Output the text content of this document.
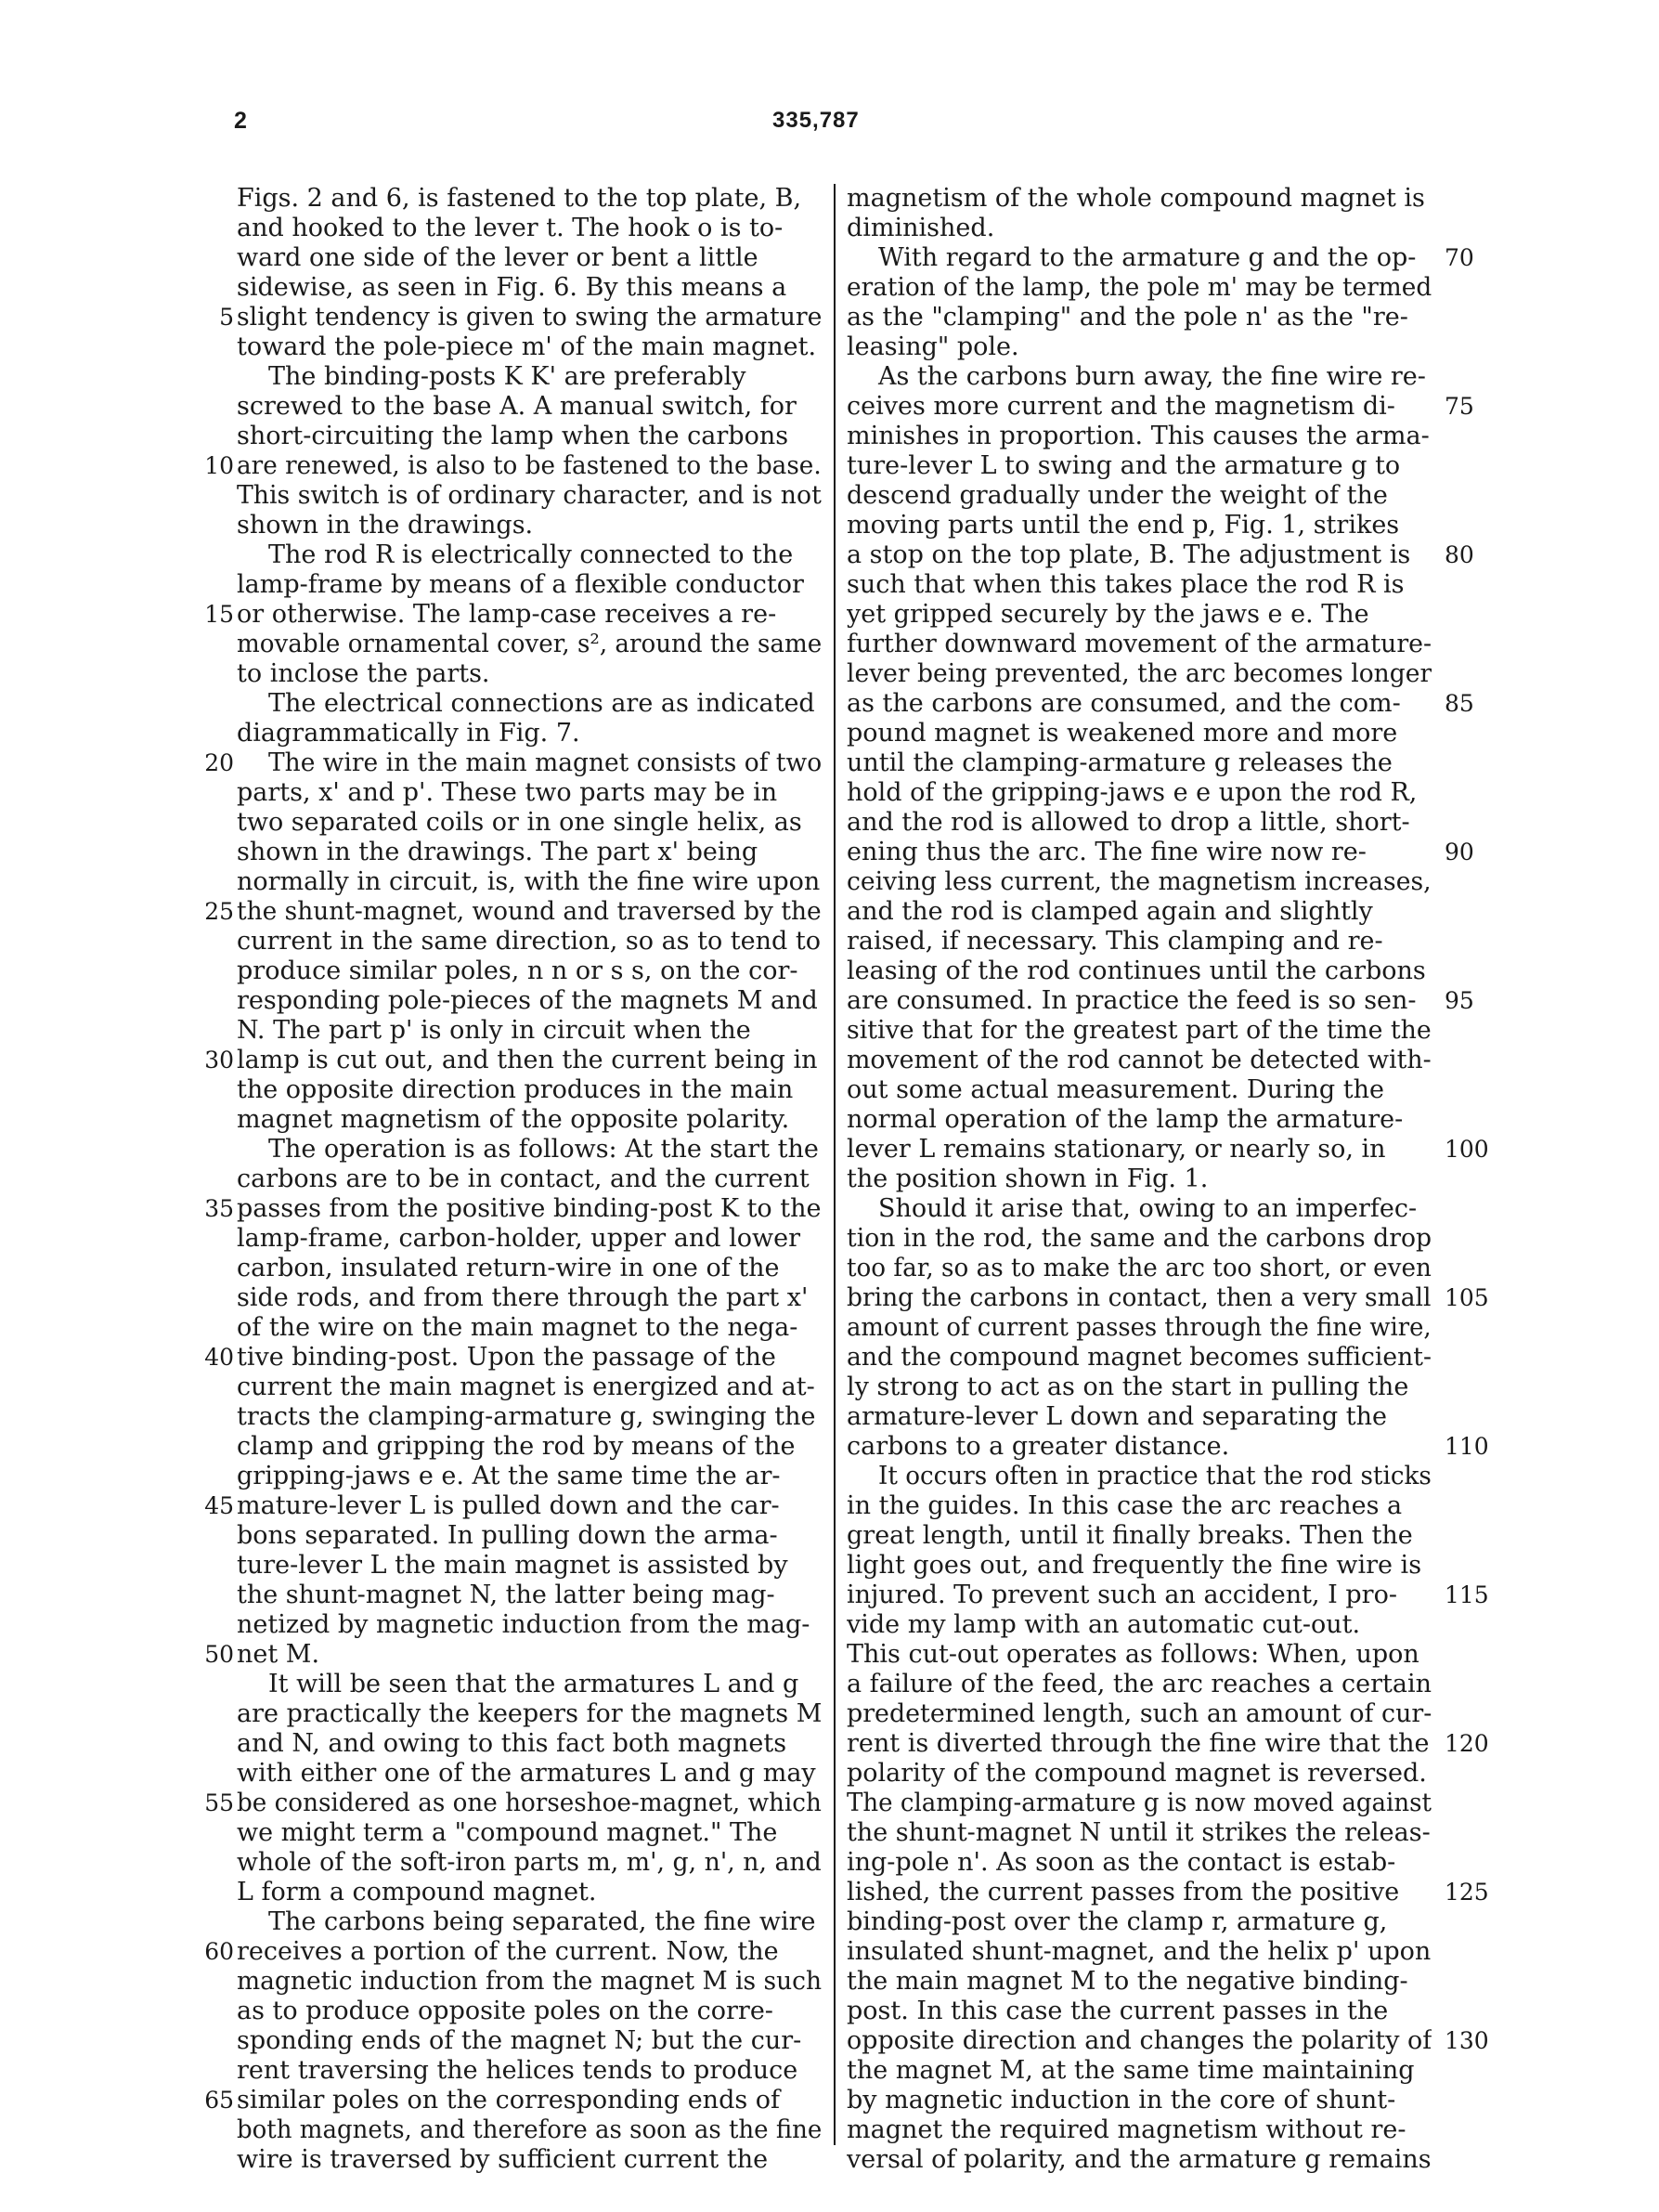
2	335,787
5
10
15
20
25
30
35
40
45
50
55
60
65
Figs. 2 and 6, is fastened to the top plate, B,
and hooked to the lever t. The hook o is to-
ward one side of the lever or bent a little
sidewise, as seen in Fig. 6. By this means a
slight tendency is given to swing the armature
toward the pole-piece m' of the main magnet.
The binding-posts K K' are preferably
screwed to the base A. A manual switch, for
short-circuiting the lamp when the carbons
are renewed, is also to be fastened to the base.
This switch is of ordinary character, and is not
shown in the drawings.
The rod R is electrically connected to the
lamp-frame by means of a flexible conductor
or otherwise. The lamp-case receives a re-
movable ornamental cover, s², around the same
to inclose the parts.
The electrical connections are as indicated
diagrammatically in Fig. 7.
The wire in the main magnet consists of two
parts, x' and p'. These two parts may be in
two separated coils or in one single helix, as
shown in the drawings. The part x' being
normally in circuit, is, with the fine wire upon
the shunt-magnet, wound and traversed by the
current in the same direction, so as to tend to
produce similar poles, n n or s s, on the cor-
responding pole-pieces of the magnets M and
N. The part p' is only in circuit when the
lamp is cut out, and then the current being in
the opposite direction produces in the main
magnet magnetism of the opposite polarity.
The operation is as follows: At the start the
carbons are to be in contact, and the current
passes from the positive binding-post K to the
lamp-frame, carbon-holder, upper and lower
carbon, insulated return-wire in one of the
side rods, and from there through the part x'
of the wire on the main magnet to the nega-
tive binding-post. Upon the passage of the
current the main magnet is energized and at-
tracts the clamping-armature g, swinging the
clamp and gripping the rod by means of the
gripping-jaws e e. At the same time the ar-
mature-lever L is pulled down and the car-
bons separated. In pulling down the arma-
ture-lever L the main magnet is assisted by
the shunt-magnet N, the latter being mag-
netized by magnetic induction from the mag-
net M.
It will be seen that the armatures L and g
are practically the keepers for the magnets M
and N, and owing to this fact both magnets
with either one of the armatures L and g may
be considered as one horseshoe-magnet, which
we might term a "compound magnet." The
whole of the soft-iron parts m, m', g, n', n, and
L form a compound magnet.
The carbons being separated, the fine wire
receives a portion of the current. Now, the
magnetic induction from the magnet M is such
as to produce opposite poles on the corre-
sponding ends of the magnet N; but the cur-
rent traversing the helices tends to produce
similar poles on the corresponding ends of
both magnets, and therefore as soon as the fine
wire is traversed by sufficient current the
magnetism of the whole compound magnet is
diminished.
With regard to the armature g and the op-
eration of the lamp, the pole m' may be termed
as the "clamping" and the pole n' as the "re-
leasing" pole.
As the carbons burn away, the fine wire re-
ceives more current and the magnetism di-
minishes in proportion. This causes the arma-
ture-lever L to swing and the armature g to
descend gradually under the weight of the
moving parts until the end p, Fig. 1, strikes
a stop on the top plate, B. The adjustment is
such that when this takes place the rod R is
yet gripped securely by the jaws e e. The
further downward movement of the armature-
lever being prevented, the arc becomes longer
as the carbons are consumed, and the com-
pound magnet is weakened more and more
until the clamping-armature g releases the
hold of the gripping-jaws e e upon the rod R,
and the rod is allowed to drop a little, short-
ening thus the arc. The fine wire now re-
ceiving less current, the magnetism increases,
and the rod is clamped again and slightly
raised, if necessary. This clamping and re-
leasing of the rod continues until the carbons
are consumed. In practice the feed is so sen-
sitive that for the greatest part of the time the
movement of the rod cannot be detected with-
out some actual measurement. During the
normal operation of the lamp the armature-
lever L remains stationary, or nearly so, in
the position shown in Fig. 1.
Should it arise that, owing to an imperfec-
tion in the rod, the same and the carbons drop
too far, so as to make the arc too short, or even
bring the carbons in contact, then a very small
amount of current passes through the fine wire,
and the compound magnet becomes sufficient-
ly strong to act as on the start in pulling the
armature-lever L down and separating the
carbons to a greater distance.
It occurs often in practice that the rod sticks
in the guides. In this case the arc reaches a
great length, until it finally breaks. Then the
light goes out, and frequently the fine wire is
injured. To prevent such an accident, I pro-
vide my lamp with an automatic cut-out.
This cut-out operates as follows: When, upon
a failure of the feed, the arc reaches a certain
predetermined length, such an amount of cur-
rent is diverted through the fine wire that the
polarity of the compound magnet is reversed.
The clamping-armature g is now moved against
the shunt-magnet N until it strikes the releas-
ing-pole n'. As soon as the contact is estab-
lished, the current passes from the positive
binding-post over the clamp r, armature g,
insulated shunt-magnet, and the helix p' upon
the main magnet M to the negative binding-
post. In this case the current passes in the
opposite direction and changes the polarity of
the magnet M, at the same time maintaining
by magnetic induction in the core of shunt-
magnet the required magnetism without re-
versal of polarity, and the armature g remains
70
75
80
85
90
95
100
105
110
115
120
125
130
